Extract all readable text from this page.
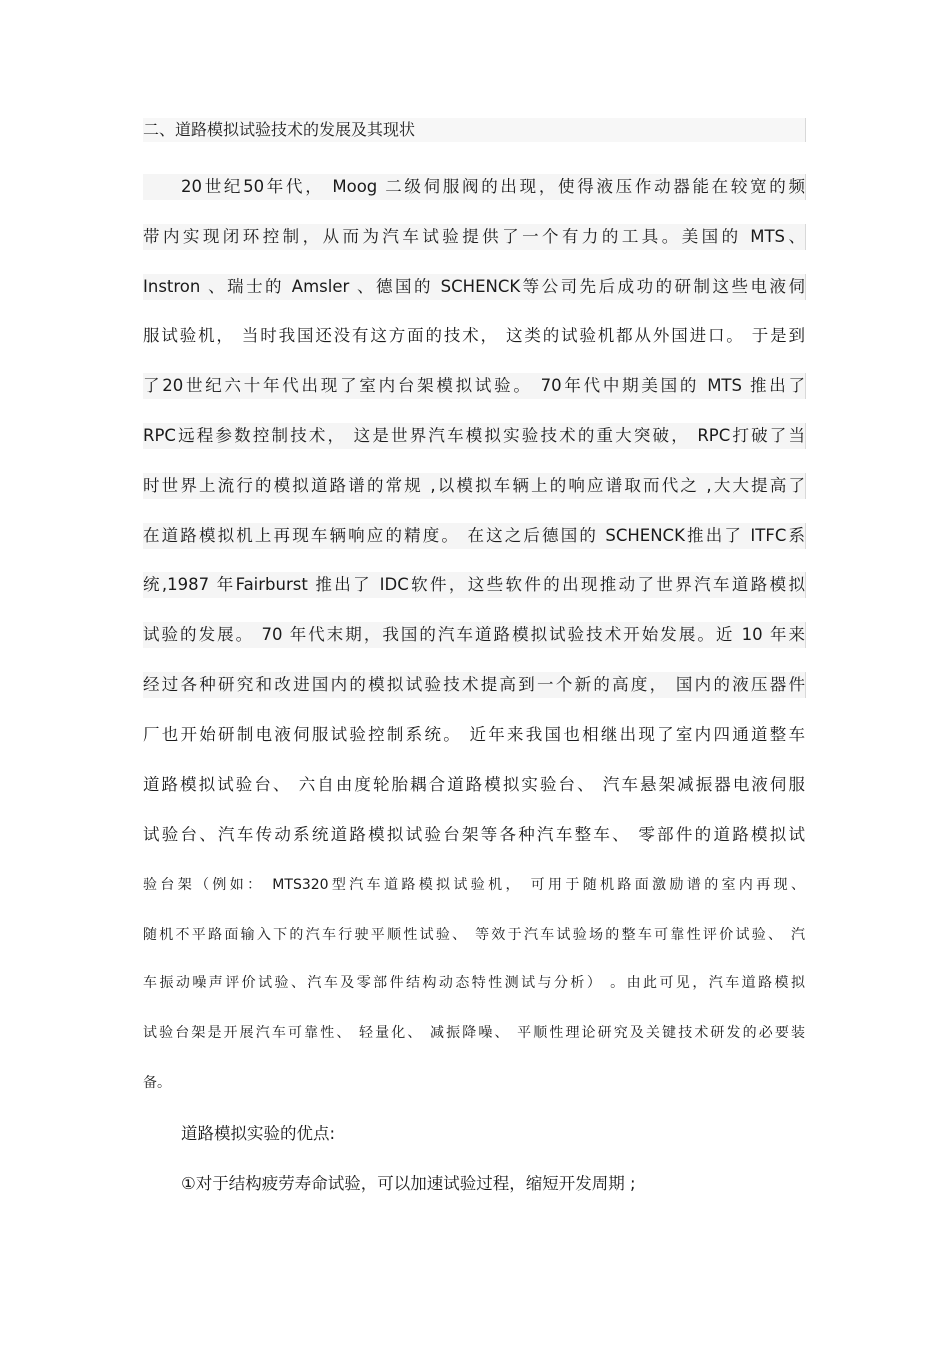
二、道路模拟试验技术的发展及其现状
20世纪50年代， Moog 二级伺服阀的出现，使得液压作动器能在较宽的频
带内实现闭环控制，从而为汽车试验提供了一个有力的工具。美国的 MTS、
Instron 、瑞士的 Amsler 、德国的 SCHENCK等公司先后成功的研制这些电液伺
服试验机， 当时我国还没有这方面的技术， 这类的试验机都从外国进口。 于是到
了20世纪六十年代出现了室内台架模拟试验。 70年代中期美国的 MTS 推出了
RPC远程参数控制技术， 这是世界汽车模拟实验技术的重大突破， RPC打破了当
时世界上流行的模拟道路谱的常规 ,以模拟车辆上的响应谱取而代之 ,大大提高了
在道路模拟机上再现车辆响应的精度。 在这之后德国的 SCHENCK推出了 ITFC系
统,1987 年Fairburst 推出了 IDC软件，这些软件的出现推动了世界汽车道路模拟
试验的发展。 70 年代末期，我国的汽车道路模拟试验技术开始发展。近 10 年来
经过各种研究和改进国内的模拟试验技术提高到一个新的高度， 国内的液压器件
厂也开始研制电液伺服试验控制系统。 近年来我国也相继出现了室内四通道整车
道路模拟试验台、 六自由度轮胎耦合道路模拟实验台、 汽车悬架减振器电液伺服
试验台、汽车传动系统道路模拟试验台架等各种汽车整车、 零部件的道路模拟试
验台架（例如： MTS320型汽车道路模拟试验机， 可用于随机路面激励谱的室内再现、
随机不平路面输入下的汽车行驶平顺性试验、 等效于汽车试验场的整车可靠性评价试验、 汽
车振动噪声评价试验、汽车及零部件结构动态特性测试与分析） 。由此可见，汽车道路模拟
试验台架是开展汽车可靠性、 轻量化、 减振降噪、 平顺性理论研究及关键技术研发的必要装
备。
道路模拟实验的优点:
①对于结构疲劳寿命试验，可以加速试验过程，缩短开发周期 ;
